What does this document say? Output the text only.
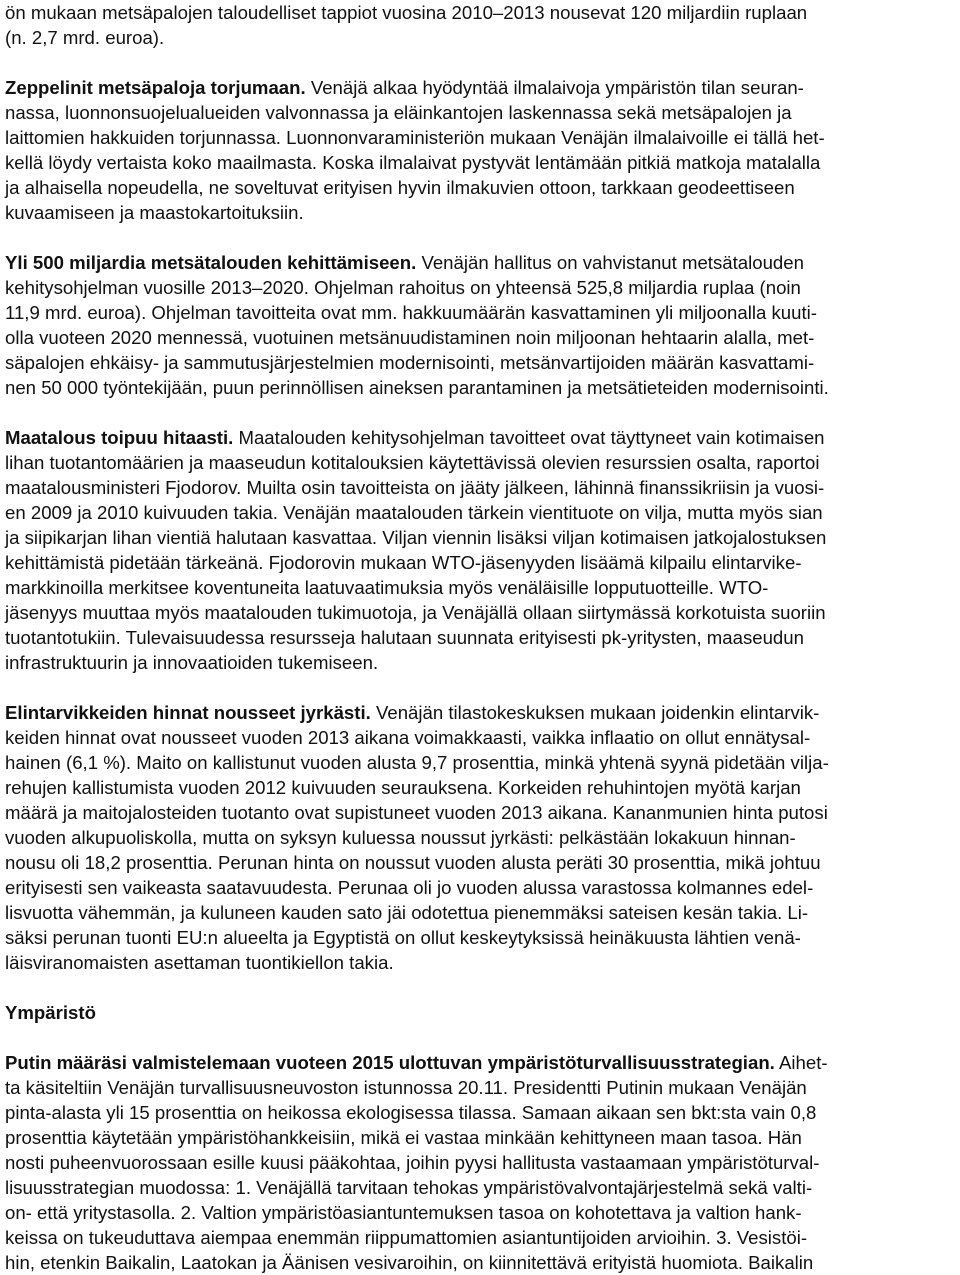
ön mukaan metsäpalojen taloudelliset tappiot vuosina 2010–2013 nousevat 120 miljardiin ruplaan
(n. 2,7 mrd. euroa).
Zeppelinit metsäpaloja torjumaan. Venäjä alkaa hyödyntää ilmalaivoja ympäristön tilan seuran-
nassa, luonnonsuojelualueiden valvonnassa ja eläinkantojen laskennassa sekä metsäpalojen ja
laittomien hakkuiden torjunnassa. Luonnonvaraministeriön mukaan Venäjän ilmalaivoille ei tällä het-
kellä löydy vertaista koko maailmasta. Koska ilmalaivat pystyvät lentämään pitkiä matkoja matalalla
ja alhaisella nopeudella, ne soveltuvat erityisen hyvin ilmakuvien ottoon, tarkkaan geodeettiseen
kuvaamiseen ja maastokartoituksiin.
Yli 500 miljardia metsätalouden kehittämiseen. Venäjän hallitus on vahvistanut metsätalouden
kehitysohjelman vuosille 2013–2020. Ohjelman rahoitus on yhteensä 525,8 miljardia ruplaa (noin
11,9 mrd. euroa). Ohjelman tavoitteita ovat mm. hakkuumäärän kasvattaminen yli miljoonalla kuuti-
olla vuoteen 2020 mennessä, vuotuinen metsänuudistaminen noin miljoonan hehtaarin alalla, met-
säpalojen ehkäisy- ja sammutusjärjestelmien modernisointi, metsänvartijoiden määrän kasvattami-
nen 50 000 työntekijään, puun perinnöllisen aineksen parantaminen ja metsätieteiden modernisointi.
Maatalous toipuu hitaasti. Maatalouden kehitysohjelman tavoitteet ovat täyttyneet vain kotimaisen
lihan tuotantomäärien ja maaseudun kotitalouksien käytettävissä olevien resurssien osalta, raportoi
maatalousministeri Fjodorov. Muilta osin tavoitteista on jääty jälkeen, lähinnä finanssikriisin ja vuosi-
en 2009 ja 2010 kuivuuden takia. Venäjän maatalouden tärkein vientituote on vilja, mutta myös sian
ja siipikarjan lihan vientiä halutaan kasvattaa. Viljan viennin lisäksi viljan kotimaisen jatkojalostuksen
kehittämistä pidetään tärkeänä. Fjodorovin mukaan WTO-jäsenyyden lisäämä kilpailu elintarvike-
markkinoilla merkitsee koventuneita laatuvaatimuksia myös venäläisille lopputuotteille. WTO-
jäsenyys muuttaa myös maatalouden tukimuotoja, ja Venäjällä ollaan siirtymässä korkotuista suoriin
tuotantotukiin. Tulevaisuudessa resursseja halutaan suunnata erityisesti pk-yritysten, maaseudun
infrastruktuurin ja innovaatioiden tukemiseen.
Elintarvikkeiden hinnat nousseet jyrkästi. Venäjän tilastokeskuksen mukaan joidenkin elintarvik-
keiden hinnat ovat nousseet vuoden 2013 aikana voimakkaasti, vaikka inflaatio on ollut ennätysal-
hainen (6,1 %). Maito on kallistunut vuoden alusta 9,7 prosenttia, minkä yhtenä syynä pidetään vilja-
rehujen kallistumista vuoden 2012 kuivuuden seurauksena. Korkeiden rehuhintojen myötä karjan
määrä ja maitojalosteiden tuotanto ovat supistuneet vuoden 2013 aikana. Kananmunien hinta putosi
vuoden alkupuoliskolla, mutta on syksyn kuluessa noussut jyrkästi: pelkästään lokakuun hinnan-
nousu oli 18,2 prosenttia. Perunan hinta on noussut vuoden alusta peräti 30 prosenttia, mikä johtuu
erityisesti sen vaikeasta saatavuudesta. Perunaa oli jo vuoden alussa varastossa kolmannes edel-
lisvuotta vähemmän, ja kuluneen kauden sato jäi odotettua pienemmäksi sateisen kesän takia. Li-
säksi perunan tuonti EU:n alueelta ja Egyptistä on ollut keskeytyksissä heinäkuusta lähtien venä-
läisviranomaisten asettaman tuontikiellon takia.
Ympäristö
Putin määräsi valmistelemaan vuoteen 2015 ulottuvan ympäristöturvallisuusstrategian. Aihet-
ta käsiteltiin Venäjän turvallisuusneuvoston istunnossa 20.11. Presidentti Putinin mukaan Venäjän
pinta-alasta yli 15 prosenttia on heikossa ekologisessa tilassa. Samaan aikaan sen bkt:sta vain 0,8
prosenttia käytetään ympäristöhankkeisiin, mikä ei vastaa minkään kehittyneen maan tasoa. Hän
nosti puheenvuorossaan esille kuusi pääkohtaa, joihin pyysi hallitusta vastaamaan ympäristöturval-
lisuusstrategian muodossa: 1. Venäjällä tarvitaan tehokas ympäristövalvontajärjestelmä sekä valti-
on- että yritystasolla. 2. Valtion ympäristöasiantuntemuksen tasoa on kohotettava ja valtion hank-
keissa on tukeuduttava aiempaa enemmän riippumattomien asiantuntijoiden arvioihin. 3. Vesistöi-
hin, etenkin Baikalin, Laatokan ja Äänisen vesivaroihin, on kiinnitettävä erityistä huomiota. Baikalin
